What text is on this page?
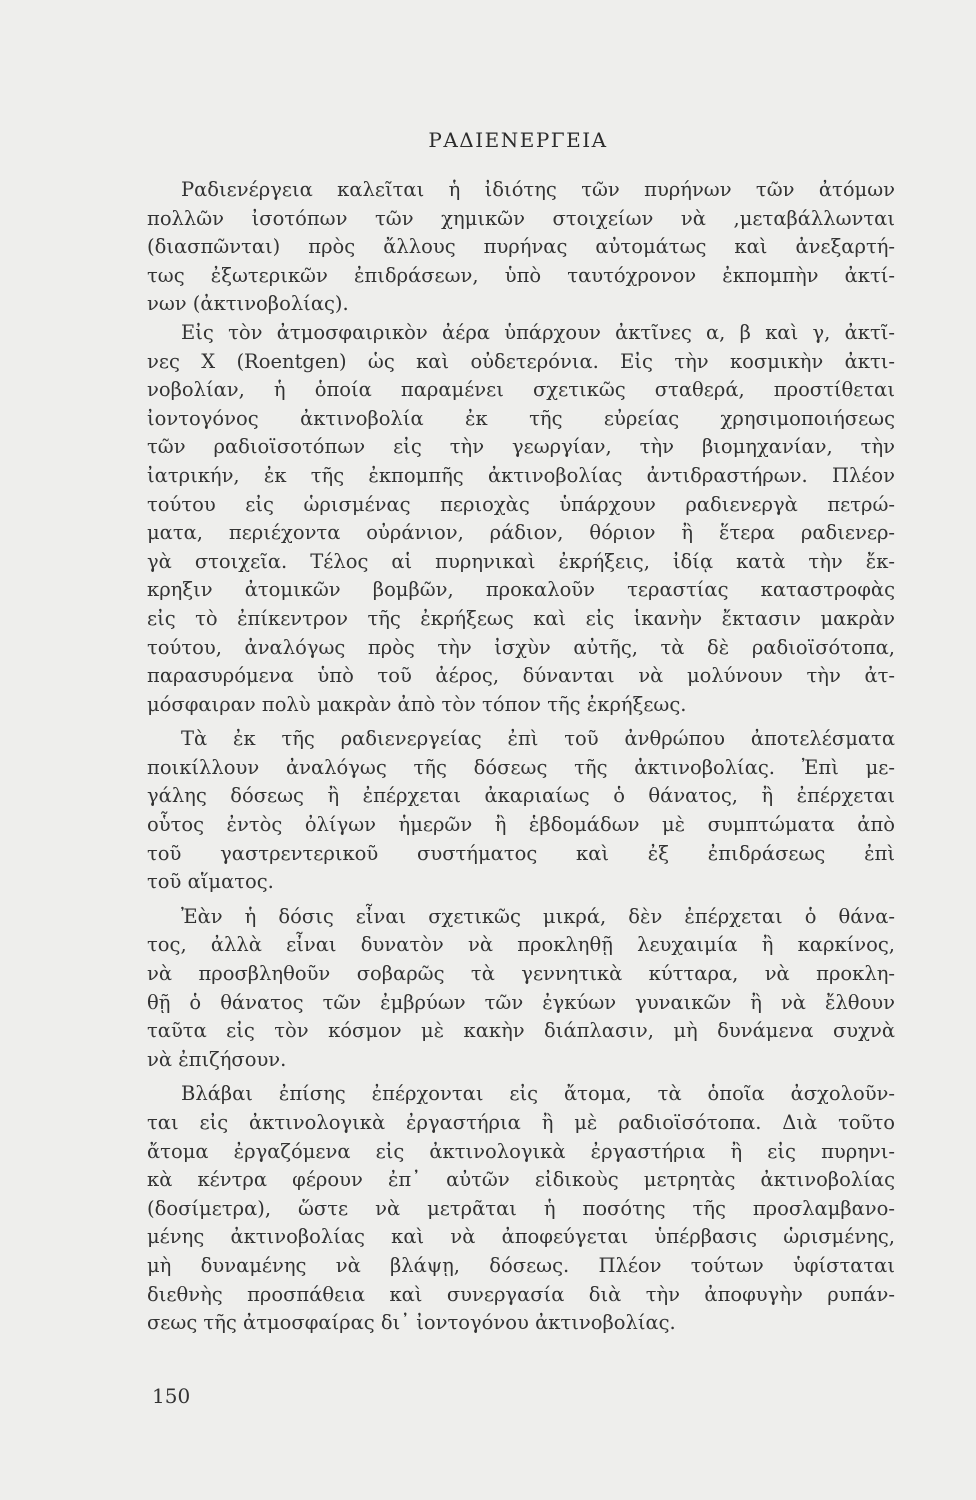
ΡΑΔΙΕΝΕΡΓΕΙΑ
Ραδιενέργεια καλεῖται ἡ ἰδιότης τῶν πυρήνων τῶν ἀτόμων
πολλῶν ἰσοτόπων τῶν χημικῶν στοιχείων νὰ ,μεταβάλλωνται
(διασπῶνται) πρὸς ἄλλους πυρήνας αὐτομάτως καὶ ἀνεξαρτή-
τως ἐξωτερικῶν ἐπιδράσεων, ὑπὸ ταυτόχρονον ἐκπομπὴν ἀκτί-
νων (ἀκτινοβολίας).
Εἰς τὸν ἀτμοσφαιρικὸν ἀέρα ὑπάρχουν ἀκτῖνες α, β καὶ γ, ἀκτῖ-
νες X (Roentgen) ὡς καὶ οὐδετερόνια. Εἰς τὴν κοσμικὴν ἀκτι-
νοβολίαν, ἡ ὁποία παραμένει σχετικῶς σταθερά, προστίθεται
ἰοντογόνος ἀκτινοβολία ἐκ τῆς εὐρείας χρησιμοποιήσεως
τῶν ραδιοϊσοτόπων εἰς τὴν γεωργίαν, τὴν βιομηχανίαν, τὴν
ἰατρικήν, ἐκ τῆς ἐκπομπῆς ἀκτινοβολίας ἀντιδραστήρων. Πλέον
τούτου εἰς ὡρισμένας περιοχὰς ὑπάρχουν ραδιενεργὰ πετρώ-
ματα, περιέχοντα οὐράνιον, ράδιον, θόριον ἢ ἕτερα ραδιενερ-
γὰ στοιχεῖα. Τέλος αἱ πυρηνικαὶ ἐκρήξεις, ἰδίᾳ κατὰ τὴν ἔκ-
κρηξιν ἀτομικῶν βομβῶν, προκαλοῦν τεραστίας καταστροφὰς
εἰς τὸ ἐπίκεντρον τῆς ἐκρήξεως καὶ εἰς ἱκανὴν ἔκτασιν μακρὰν
τούτου, ἀναλόγως πρὸς τὴν ἰσχὺν αὐτῆς, τὰ δὲ ραδιοϊσότοπα,
παρασυρόμενα ὑπὸ τοῦ ἀέρος, δύνανται νὰ μολύνουν τὴν ἀτ-
μόσφαιραν πολὺ μακρὰν ἀπὸ τὸν τόπον τῆς ἐκρήξεως.
Τὰ ἐκ τῆς ραδιενεργείας ἐπὶ τοῦ ἀνθρώπου ἀποτελέσματα
ποικίλλουν ἀναλόγως τῆς δόσεως τῆς ἀκτινοβολίας. Ἐπὶ με-
γάλης δόσεως ἢ ἐπέρχεται ἀκαριαίως ὁ θάνατος, ἢ ἐπέρχεται
οὗτος ἐντὸς ὀλίγων ἡμερῶν ἢ ἑβδομάδων μὲ συμπτώματα ἀπὸ
τοῦ γαστρεντερικοῦ συστήματος καὶ ἐξ ἐπιδράσεως ἐπὶ
τοῦ αἵματος.
Ἐὰν ἡ δόσις εἶναι σχετικῶς μικρά, δὲν ἐπέρχεται ὁ θάνα-
τος, ἀλλὰ εἶναι δυνατὸν νὰ προκληθῇ λευχαιμία ἢ καρκίνος,
νὰ προσβληθοῦν σοβαρῶς τὰ γεννητικὰ κύτταρα, νὰ προκλη-
θῇ ὁ θάνατος τῶν ἐμβρύων τῶν ἐγκύων γυναικῶν ἢ νὰ ἔλθουν
ταῦτα εἰς τὸν κόσμον μὲ κακὴν διάπλασιν, μὴ δυνάμενα συχνὰ
νὰ ἐπιζήσουν.
Βλάβαι ἐπίσης ἐπέρχονται εἰς ἄτομα, τὰ ὁποῖα ἀσχολοῦν-
ται εἰς ἀκτινολογικὰ ἐργαστήρια ἢ μὲ ραδιοϊσότοπα. Διὰ τοῦτο
ἄτομα ἐργαζόμενα εἰς ἀκτινολογικὰ ἐργαστήρια ἢ εἰς πυρηνι-
κὰ κέντρα φέρουν ἐπ᾽ αὐτῶν εἰδικοὺς μετρητὰς ἀκτινοβολίας
(δοσίμετρα), ὥστε νὰ μετρᾶται ἡ ποσότης τῆς προσλαμβανο-
μένης ἀκτινοβολίας καὶ νὰ ἀποφεύγεται ὑπέρβασις ὡρισμένης,
μὴ δυναμένης νὰ βλάψῃ, δόσεως. Πλέον τούτων ὑφίσταται
διεθνὴς προσπάθεια καὶ συνεργασία διὰ τὴν ἀποφυγὴν ρυπάν-
σεως τῆς ἀτμοσφαίρας δι᾽ ἰοντογόνου ἀκτινοβολίας.
150
